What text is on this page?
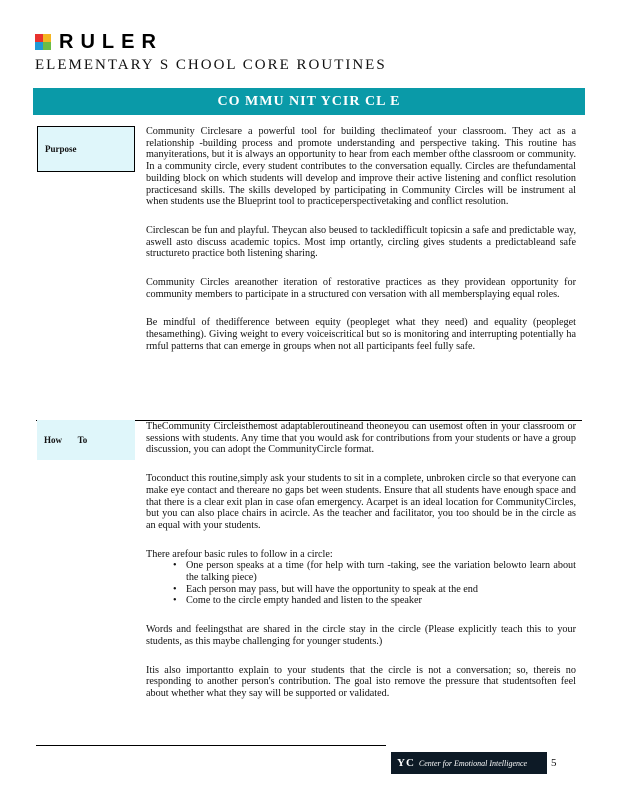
RULER
ELEMENTARY S CHOOL CORE ROUTINES
CO MMU NIT YCIR CL E
Purpose

Community Circlesare a powerful tool for building theclimateof your classroom. They act as a relationship -building process and promote understanding and perspective taking. This routine has manyiterations, but it is always an opportunity to hear from each member ofthe classroom or community. In a community circle, every student contributes to the conversation equally. Circles are thefundamental building block on which students will develop and improve their active listening and conflict resolution practicesand skills. The skills developed by participating in Community Circles will be instrument al when students use the Blueprint tool to practiceperspectivetaking and conflict resolution.

Circlescan be fun and playful. Theycan also beused to tackledifficult topicsin a safe and predictable way, aswell asto discuss academic topics. Most imp ortantly, circling gives students a predictableand safe structureto practice both listening sharing.

Community Circles areanother iteration of restorative practices as they providean opportunity for community members to participate in a structured con versation with all membersplaying equal roles.

Be mindful of thedifference between equity (peopleget what they need) and equality (peopleget thesamething). Giving weight to every voiceiscritical but so is monitoring and interrupting potentially ha rmful patterns that can emerge in groups when not all participants feel fully safe.

How       To

TheCommunity Circleisthemost adaptableroutineand theoneyou can usemost often in your classroom or sessions with students. Any time that you would ask for contributions from your students or have a group discussion, you can adopt the CommunityCircle format.

Toconduct this routine,simply ask your students to sit in a complete, unbroken circle so that everyone can make eye contact and thereare no gaps bet ween students. Ensure that all students have enough space and that there is a clear exit plan in case ofan emergency. Acarpet is an ideal location for CommunityCircles, but you can also place chairs in acircle. As the teacher and facilitator, you too should be in the circle as an equal with your students.

There arefour basic rules to follow in a circle:

• One person speaks at a time (for help with turn -taking, see the variation belowto learn about the talking piece)
• Each person may pass, but will have the opportunity to speak at the end
• Come to the circle empty handed and listen to the speaker

Words and feelingsthat are shared in the circle stay in the circle (Please explicitly teach this to your students, as this maybe challenging for younger students.)

Itis also importantto explain to your students that the circle is not a conversation; so, thereis no responding to another person's contribution. The goal isto remove the pressure that studentsoften feel about whether what they say will be supported or validated.

YC Center for Emotional Intelligence 5
